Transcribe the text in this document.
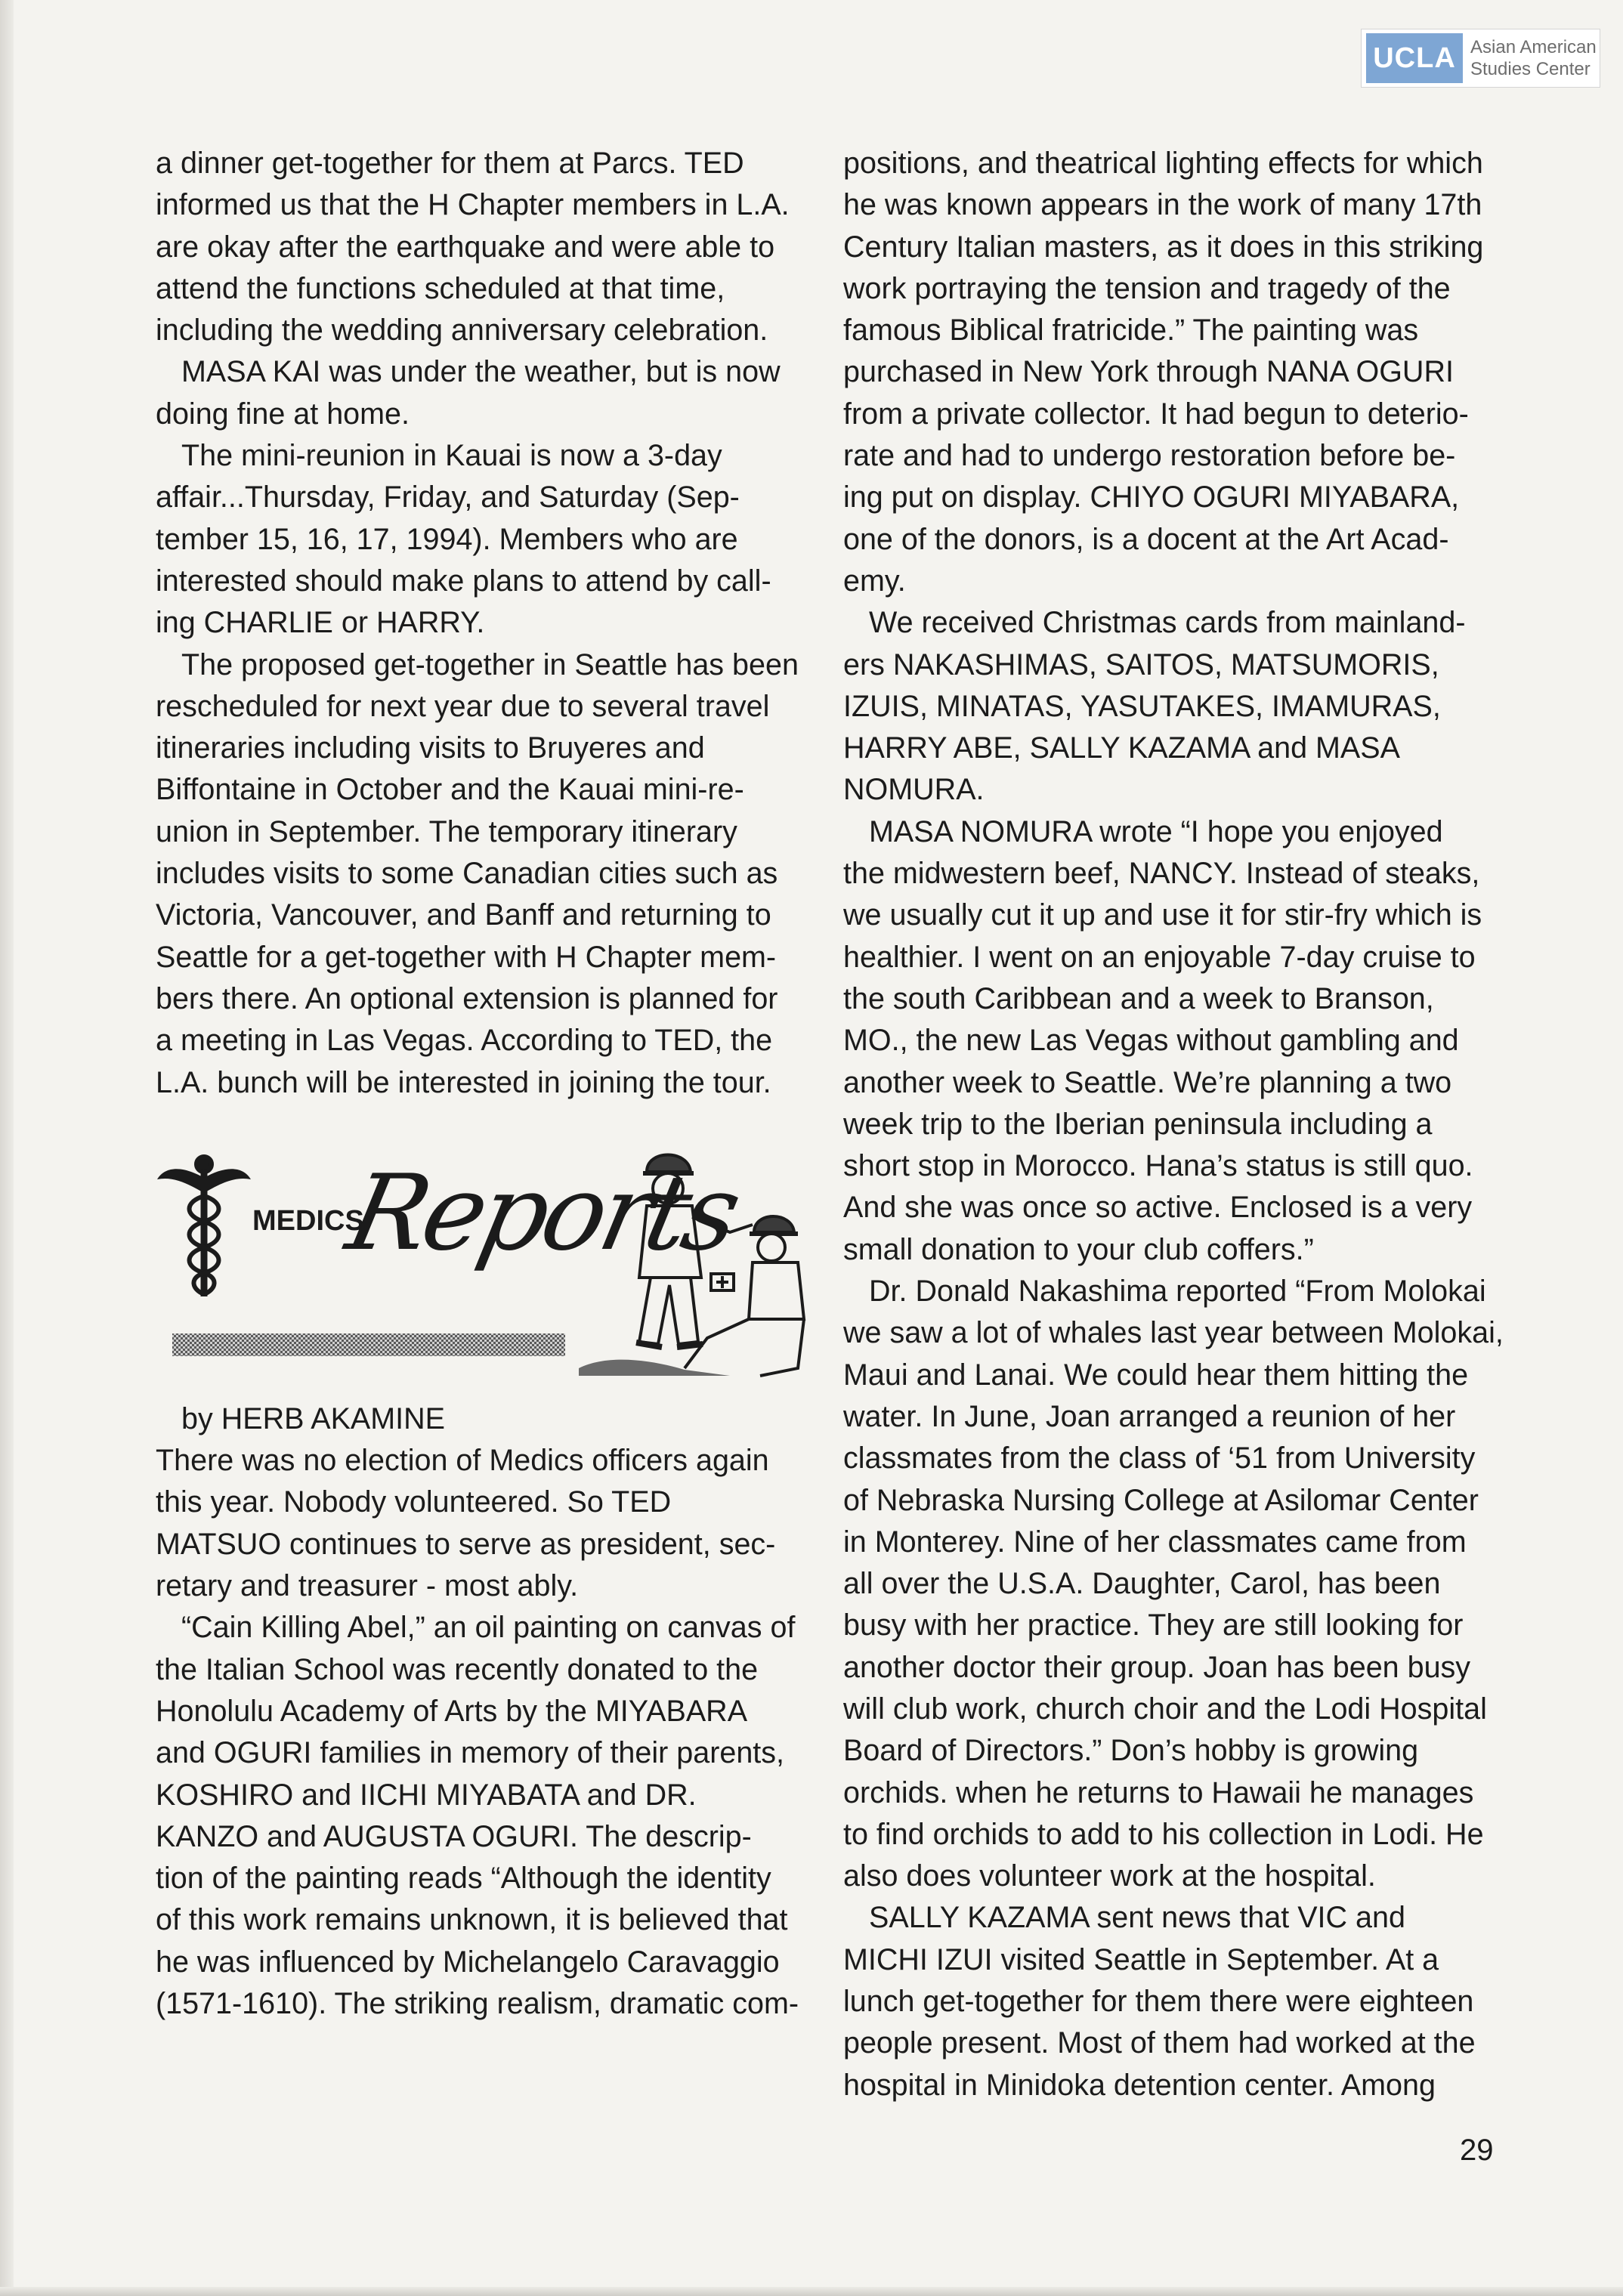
UCLA Asian American
Studies Center

a dinner get-together for them at Parcs. TED
informed us that the H Chapter members in L.A.
are okay after the earthquake and were able to
attend the functions scheduled at that time,
including the wedding anniversary celebration.

MASA KAI was under the weather, but is now
doing fine at home.

The mini-reunion in Kauai is now a 3-day
affair...Thursday, Friday, and Saturday (Sep-
tember 15, 16, 17, 1994). Members who are
interested should make plans to attend by call-
ing CHARLIE or HARRY.

The proposed get-together in Seattle has been
rescheduled for next year due to several travel
itineraries including visits to Bruyeres and
Biffontaine in October and the Kauai mini-re-
union in September. The temporary itinerary
includes visits to some Canadian cities such as
Victoria, Vancouver, and Banff and returning to
Seattle for a get-together with H Chapter mem-
bers there. An optional extension is planned for
a meeting in Las Vegas. According to TED, the
L.A. bunch will be interested in joining the tour.

MEDICS
Reports

by HERB AKAMINE

There was no election of Medics officers again
this year. Nobody volunteered. So TED
MATSUO continues to serve as president, sec-
retary and treasurer - most ably.

“Cain Killing Abel,” an oil painting on canvas of
the Italian School was recently donated to the
Honolulu Academy of Arts by the MIYABARA
and OGURI families in memory of their parents,
KOSHIRO and IICHI MIYABATA and DR.
KANZO and AUGUSTA OGURI. The descrip-
tion of the painting reads “Although the identity
of this work remains unknown, it is believed that
he was influenced by Michelangelo Caravaggio
(1571-1610). The striking realism, dramatic com-

positions, and theatrical lighting effects for which
he was known appears in the work of many 17th
Century Italian masters, as it does in this striking
work portraying the tension and tragedy of the
famous Biblical fratricide.” The painting was
purchased in New York through NANA OGURI
from a private collector. It had begun to deterio-
rate and had to undergo restoration before be-
ing put on display. CHIYO OGURI MIYABARA,
one of the donors, is a docent at the Art Acad-
emy.

We received Christmas cards from mainland-
ers NAKASHIMAS, SAITOS, MATSUMORIS,
IZUIS, MINATAS, YASUTAKES, IMAMURAS,
HARRY ABE, SALLY KAZAMA and MASA
NOMURA.

MASA NOMURA wrote “I hope you enjoyed
the midwestern beef, NANCY. Instead of steaks,
we usually cut it up and use it for stir-fry which is
healthier. I went on an enjoyable 7-day cruise to
the south Caribbean and a week to Branson,
MO., the new Las Vegas without gambling and
another week to Seattle. We’re planning a two
week trip to the Iberian peninsula including a
short stop in Morocco. Hana’s status is still quo.
And she was once so active. Enclosed is a very
small donation to your club coffers.”

Dr. Donald Nakashima reported “From Molokai
we saw a lot of whales last year between Molokai,
Maui and Lanai. We could hear them hitting the
water. In June, Joan arranged a reunion of her
classmates from the class of ‘51 from University
of Nebraska Nursing College at Asilomar Center
in Monterey. Nine of her classmates came from
all over the U.S.A. Daughter, Carol, has been
busy with her practice. They are still looking for
another doctor their group. Joan has been busy
will club work, church choir and the Lodi Hospital
Board of Directors.” Don’s hobby is growing
orchids. when he returns to Hawaii he manages
to find orchids to add to his collection in Lodi. He
also does volunteer work at the hospital.

SALLY KAZAMA sent news that VIC and
MICHI IZUI visited Seattle in September. At a
lunch get-together for them there were eighteen
people present. Most of them had worked at the
hospital in Minidoka detention center. Among

29
